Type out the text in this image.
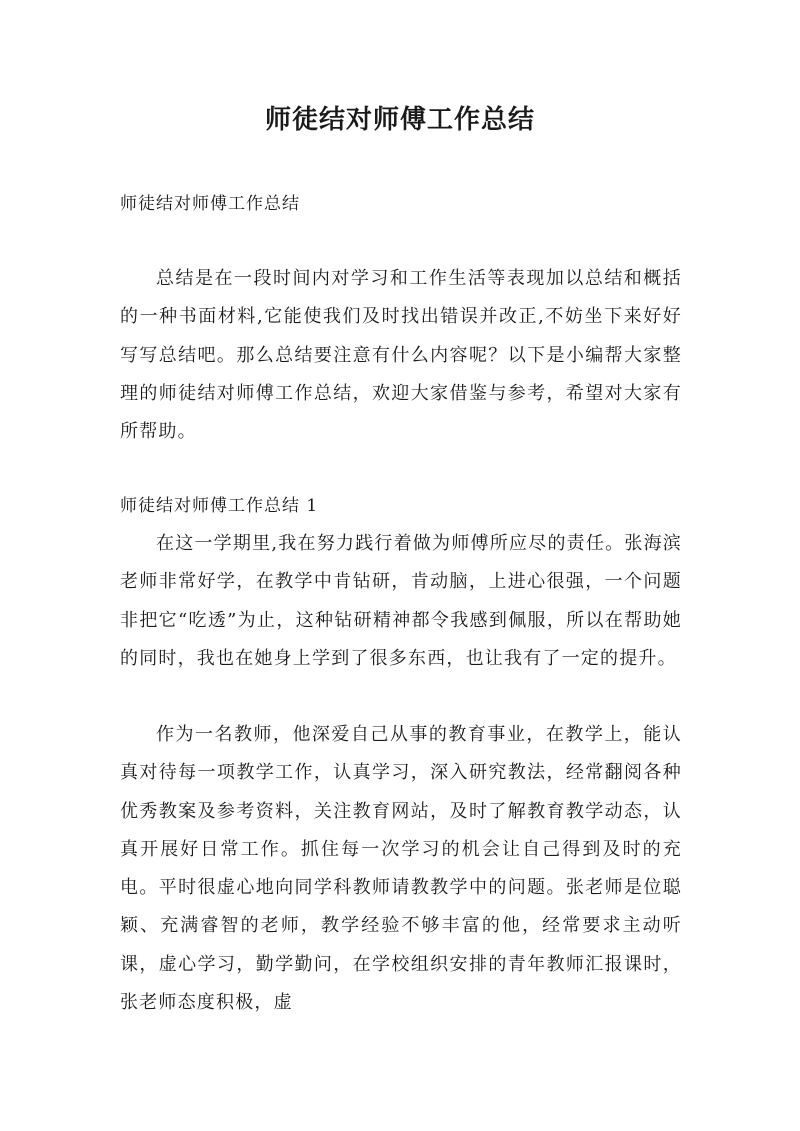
师徒结对师傅工作总结

师徒结对师傅工作总结

总结是在一段时间内对学习和工作生活等表现加以总结和概括的一种书面材料,它能使我们及时找出错误并改正,不妨坐下来好好写写总结吧。那么总结要注意有什么内容呢？以下是小编帮大家整理的师徒结对师傅工作总结，欢迎大家借鉴与参考，希望对大家有所帮助。

师徒结对师傅工作总结 1

在这一学期里,我在努力践行着做为师傅所应尽的责任。张海滨老师非常好学，在教学中肯钻研，肯动脑，上进心很强，一个问题非把它“吃透”为止，这种钻研精神都令我感到佩服，所以在帮助她的同时，我也在她身上学到了很多东西，也让我有了一定的提升。

作为一名教师，他深爱自己从事的教育事业，在教学上，能认真对待每一项教学工作，认真学习，深入研究教法，经常翻阅各种优秀教案及参考资料，关注教育网站，及时了解教育教学动态，认真开展好日常工作。抓住每一次学习的机会让自己得到及时的充电。平时很虚心地向同学科教师请教教学中的问题。张老师是位聪颖、充满睿智的老师，教学经验不够丰富的他，经常要求主动听课，虚心学习，勤学勤问，在学校组织安排的青年教师汇报课时，张老师态度积极，虚
